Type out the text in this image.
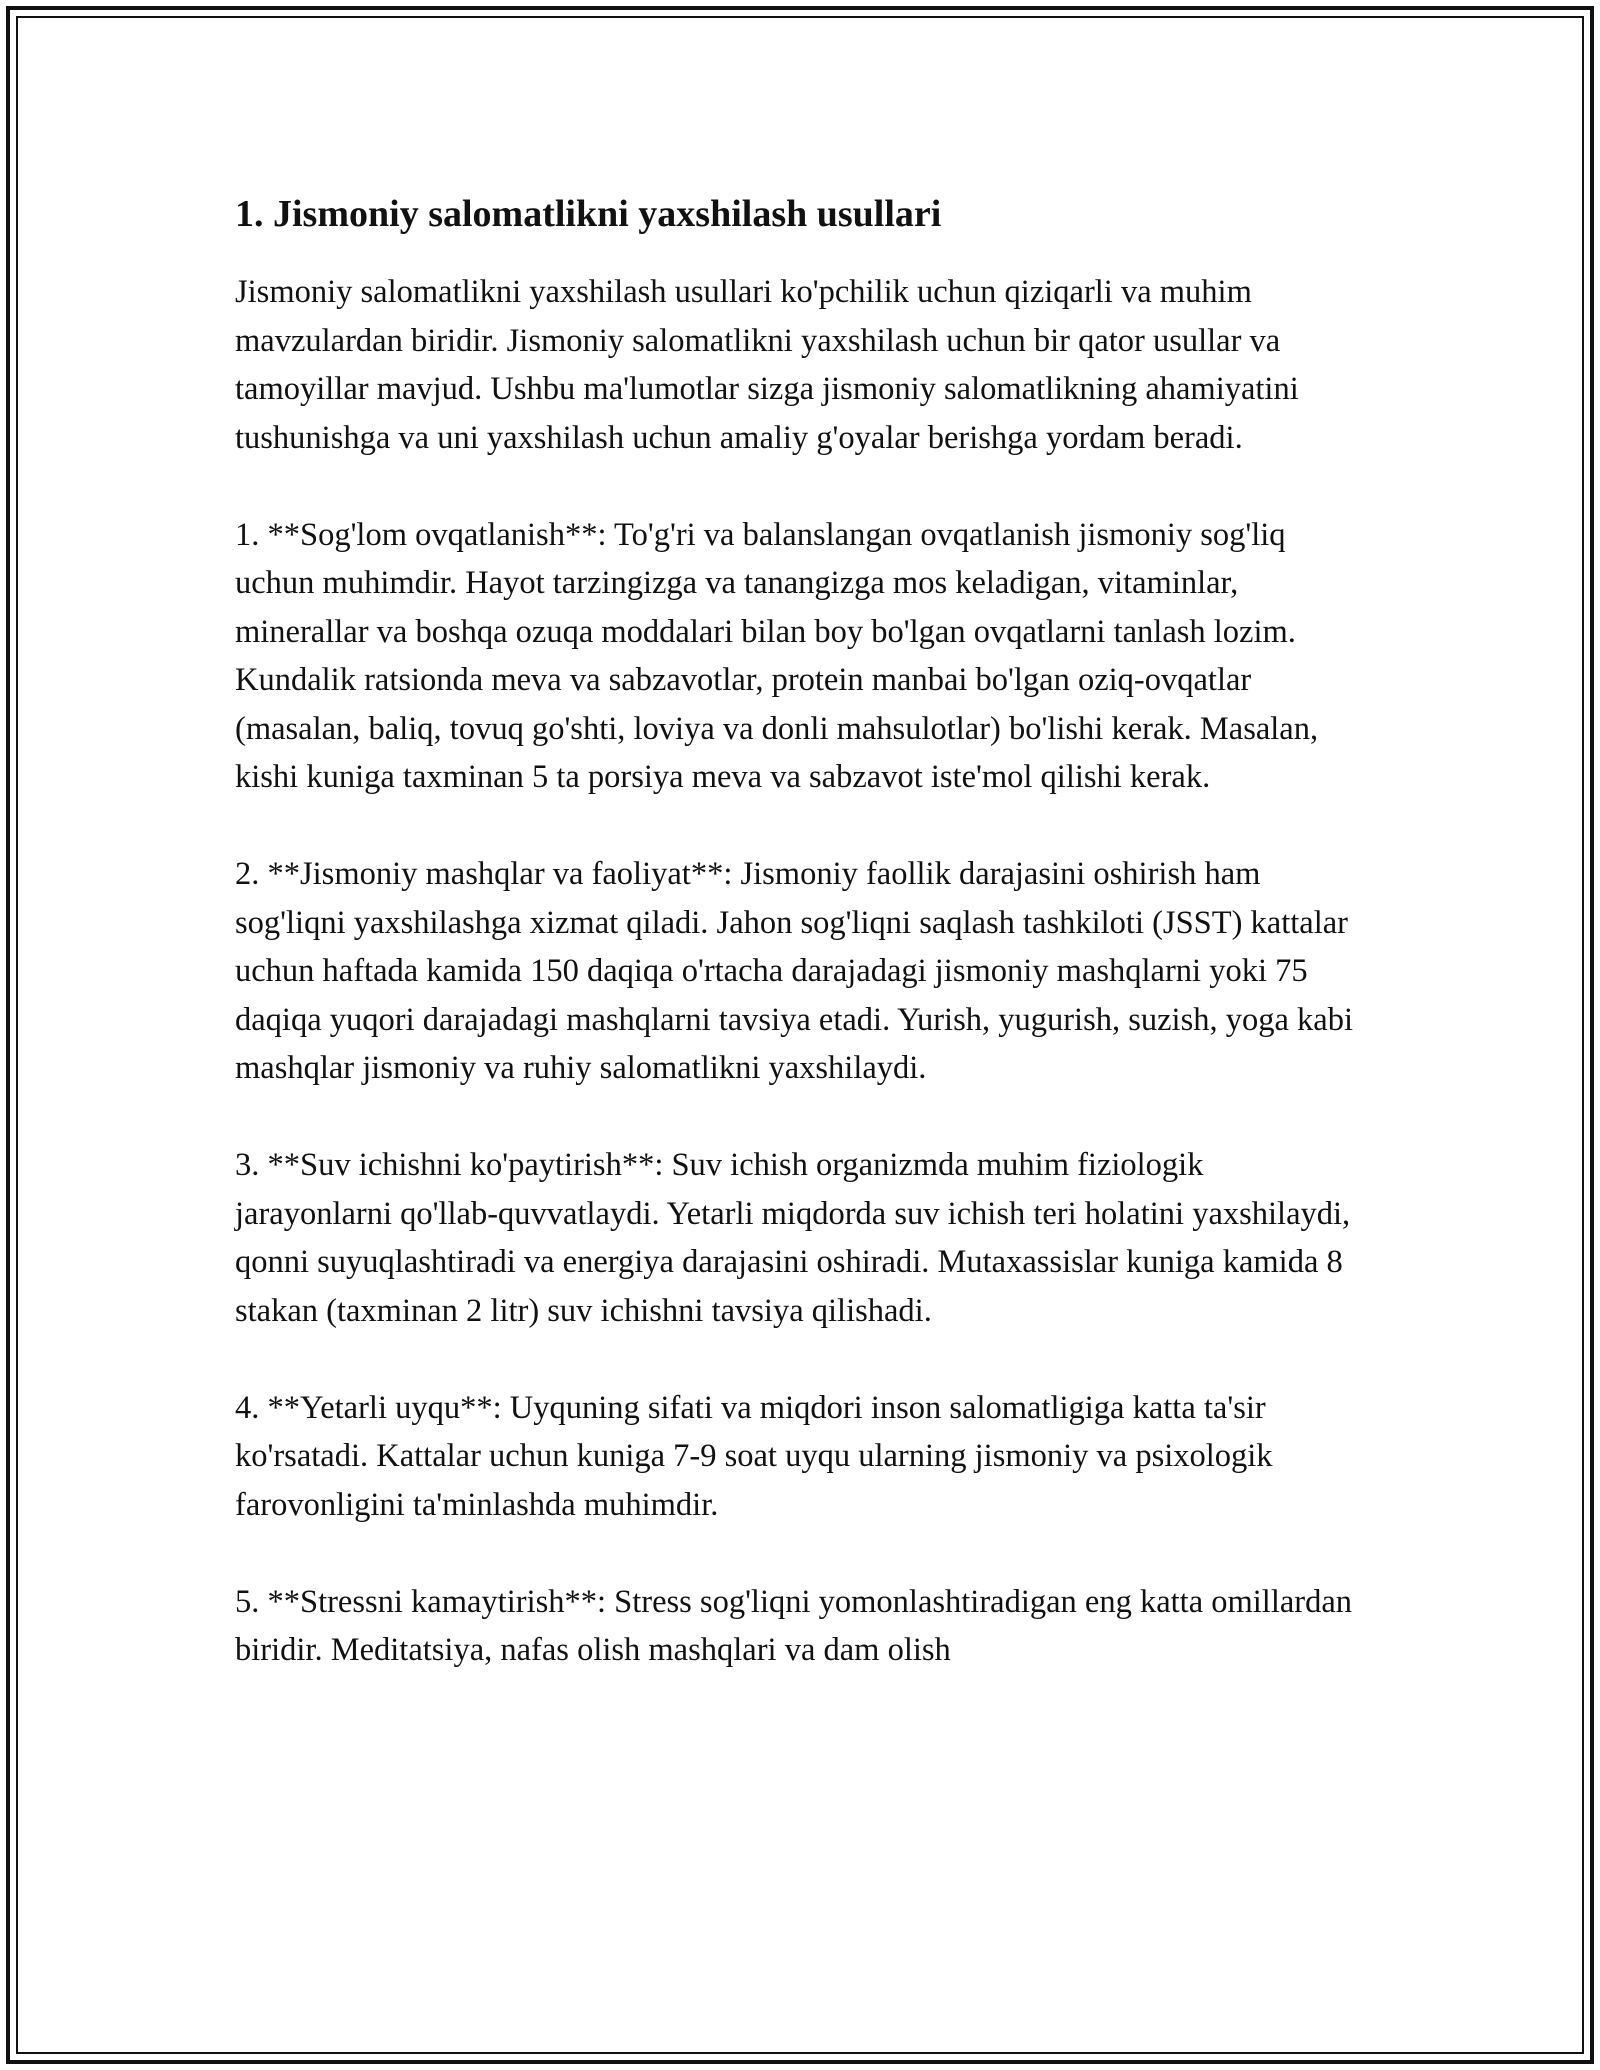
1. Jismoniy salomatlikni yaxshilash usullari

Jismoniy salomatlikni yaxshilash usullari ko'pchilik uchun qiziqarli va muhim mavzulardan biridir. Jismoniy salomatlikni yaxshilash uchun bir qator usullar va tamoyillar mavjud. Ushbu ma'lumotlar sizga jismoniy salomatlikning ahamiyatini tushunishga va uni yaxshilash uchun amaliy g'oyalar berishga yordam beradi.

1. **Sog'lom ovqatlanish**: To'g'ri va balanslangan ovqatlanish jismoniy sog'liq uchun muhimdir. Hayot tarzingizga va tanangizga mos keladigan, vitaminlar, minerallar va boshqa ozuqa moddalari bilan boy bo'lgan ovqatlarni tanlash lozim. Kundalik ratsionda meva va sabzavotlar, protein manbai bo'lgan oziq-ovqatlar (masalan, baliq, tovuq go'shti, loviya va donli mahsulotlar) bo'lishi kerak. Masalan, kishi kuniga taxminan 5 ta porsiya meva va sabzavot iste'mol qilishi kerak.

2. **Jismoniy mashqlar va faoliyat**: Jismoniy faollik darajasini oshirish ham sog'liqni yaxshilashga xizmat qiladi. Jahon sog'liqni saqlash tashkiloti (JSST) kattalar uchun haftada kamida 150 daqiqa o'rtacha darajadagi jismoniy mashqlarni yoki 75 daqiqa yuqori darajadagi mashqlarni tavsiya etadi. Yurish, yugurish, suzish, yoga kabi mashqlar jismoniy va ruhiy salomatlikni yaxshilaydi.

3. **Suv ichishni ko'paytirish**: Suv ichish organizmda muhim fiziologik jarayonlarni qo'llab-quvvatlaydi. Yetarli miqdorda suv ichish teri holatini yaxshilaydi, qonni suyuqlashtiradi va energiya darajasini oshiradi. Mutaxassislar kuniga kamida 8 stakan (taxminan 2 litr) suv ichishni tavsiya qilishadi.

4. **Yetarli uyqu**: Uyquning sifati va miqdori inson salomatligiga katta ta'sir ko'rsatadi. Kattalar uchun kuniga 7-9 soat uyqu ularning jismoniy va psixologik farovonligini ta'minlashda muhimdir.

5. **Stressni kamaytirish**: Stress sog'liqni yomonlashtiradigan eng katta omillardan biridir. Meditatsiya, nafas olish mashqlari va dam olish
